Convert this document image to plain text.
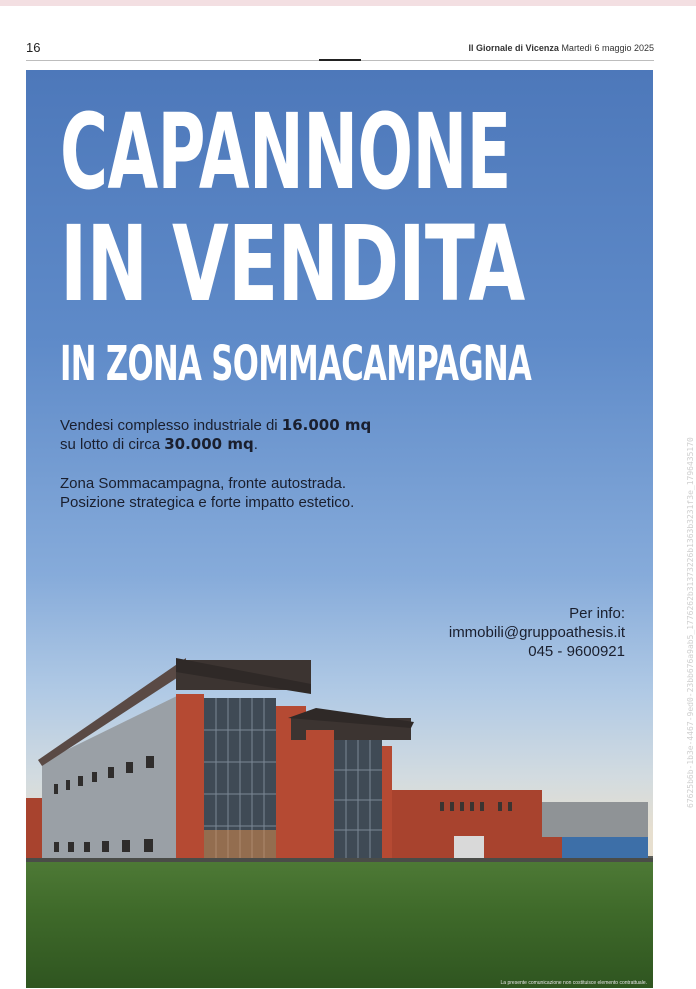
16	Il Giornale di Vicenza Martedì 6 maggio 2025
CAPANNONE
IN VENDITA
IN ZONA SOMMACAMPAGNA
Vendesi complesso industriale di 16.000 mq
su lotto di circa 30.000 mq.
Zona Sommacampagna, fronte autostrada.
Posizione strategica e forte impatto estetico.
Per info:
immobili@gruppoathesis.it
045 - 9600921
La presente comunicazione non costituisce elemento contrattuale.
67625b6b-1b3e-4467-9ed0-23bb676a9ab5_1776262b31373226b1363b3231f3e_1796435170
